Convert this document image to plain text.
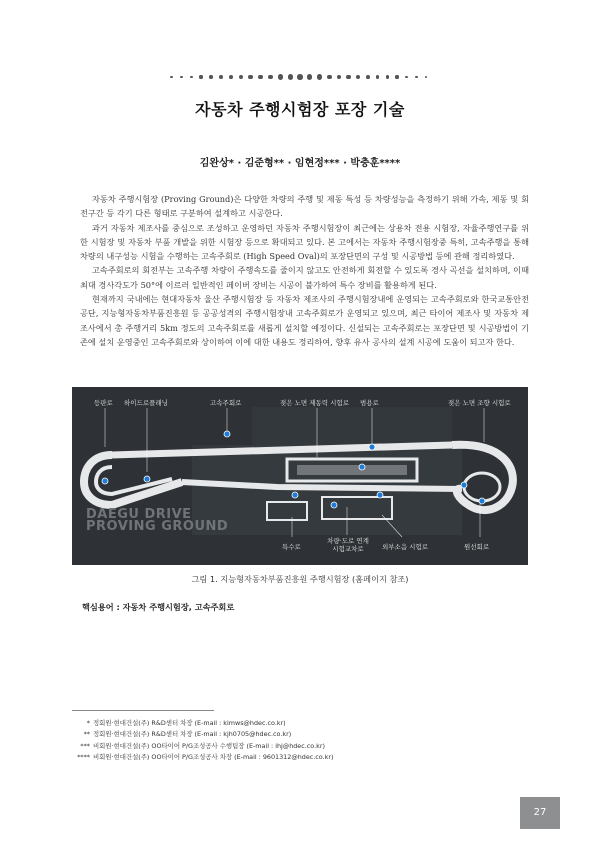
자동차 주행시험장 포장 기술
김완상* · 김준형** · 임현정*** · 박충훈****

자동차 주행시험장 (Proving Ground)은 다양한 차량의 주행 및 제동 특성 등 차량성능을 측정하기 위해 가속, 제동 및 회전구간 등 각기 다른 형태로 구분하여 설계하고 시공한다.

과거 자동차 제조사를 중심으로 조성하고 운영하던 자동차 주행시험장이 최근에는 상용차 전용 시험장, 자율주행연구를 위한 시험장 및 자동차 부품 개발을 위한 시험장 등으로 확대되고 있다. 본 고에서는 자동차 주행시험장중 특히, 고속주행을 통해 차량의 내구성능 시험을 수행하는 고속주회로 (High Speed Oval)의 포장단면의 구성 및 시공방법 등에 관해 정리하였다.

고속주회로의 회전부는 고속주행 차량이 주행속도를 줄이지 않고도 안전하게 회전할 수 있도록 경사 곡선을 설치하며, 이때 최대 경사각도가 50°에 이르러 일반적인 페이버 장비는 시공이 불가하여 특수 장비를 활용하게 된다.

현재까지 국내에는 현대자동차 울산 주행시험장 등 자동차 제조사의 주행시험장내에 운영되는 고속주회로와 한국교통안전공단, 지능형자동차부품진흥원 등 공공성격의 주행시험장내 고속주회로가 운영되고 있으며, 최근 타이어 제조사 및 자동차 제조사에서 총 주행거리 5km 정도의 고속주회로를 새롭게 설치할 예정이다. 신설되는 고속주회로는 포장단면 및 시공방법이 기존에 설치 운영중인 고속주회로와 상이하여 이에 대한 내용도 정리하여, 향후 유사 공사의 설계 시공에 도움이 되고자 한다.

등판로 하이드로플래닝	고속주회로	젖은 노면 제동력 시험로 범용로	젖은 노면 조향 시험로
특수로
차량·도로 연계 시험교차로	외부소음 시험로	원선회로
DAEGU DRIVE
PROVING GROUND
그림 1. 지능형자동차부품진흥원 주행시험장 (홈페이지 참조)
핵심용어 : 자동차 주행시험장, 고속주회로
* 정회원·현대건설(주) R&D센터 차장 (E-mail : kimws@hdec.co.kr)
** 정회원·현대건설(주) R&D센터 차장 (E-mail : kjh0705@hdec.co.kr)
*** 비회원·현대건설(주) OO타이어 P/G조성공사 수행팀장 (E-mail : ihj@hdec.co.kr)
**** 비회원·현대건설(주) OO타이어 P/G조성공사 차장 (E-mail : 9601312@hdec.co.kr)
27
